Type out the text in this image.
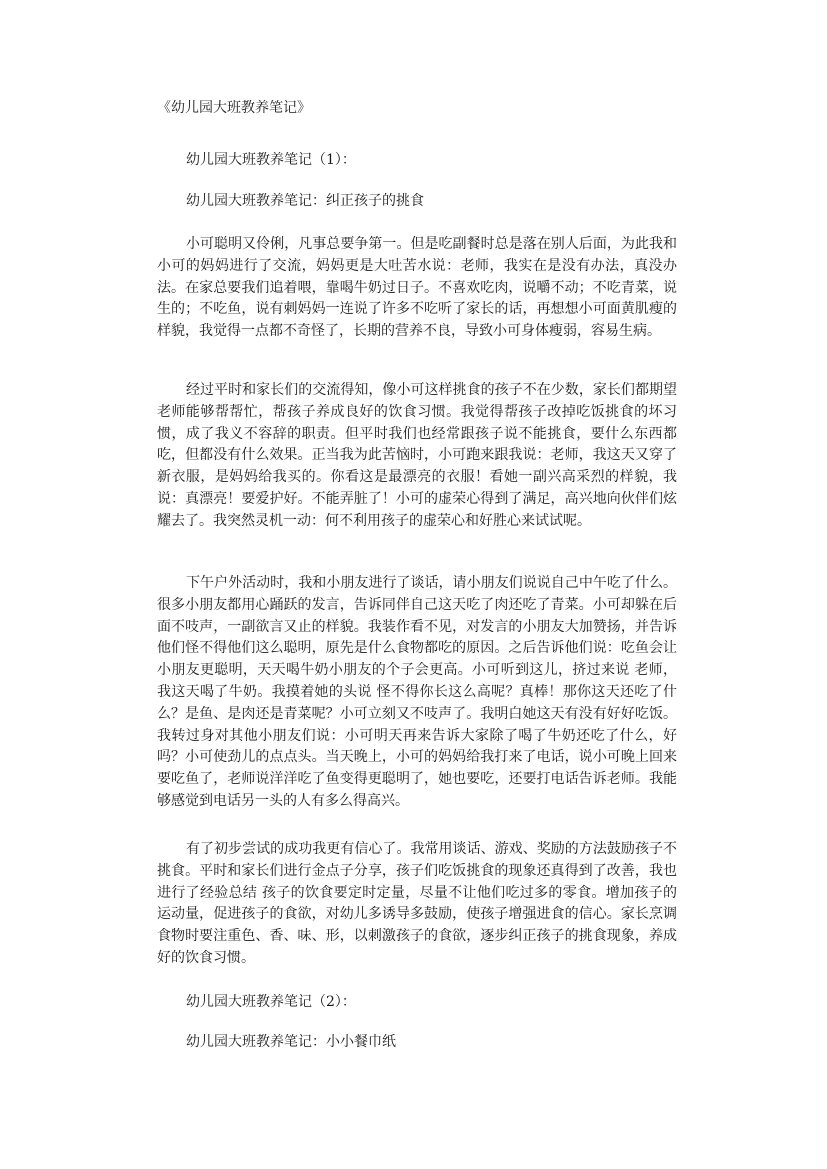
《幼儿园大班教养笔记》
幼儿园大班教养笔记（1）：
幼儿园大班教养笔记：纠正孩子的挑食

小可聪明又伶俐，凡事总要争第一。但是吃副餐时总是落在别人后面，为此我和小可的妈妈进行了交流，妈妈更是大吐苦水说：老师，我实在是没有办法，真没办法。在家总要我们追着喂，靠喝牛奶过日子。不喜欢吃肉，说嚼不动；不吃青菜，说生的；不吃鱼，说有刺妈妈一连说了许多不吃听了家长的话，再想想小可面黄肌瘦的样貌，我觉得一点都不奇怪了，长期的营养不良，导致小可身体瘦弱，容易生病。

经过平时和家长们的交流得知，像小可这样挑食的孩子不在少数，家长们都期望老师能够帮帮忙，帮孩子养成良好的饮食习惯。我觉得帮孩子改掉吃饭挑食的坏习惯，成了我义不容辞的职责。但平时我们也经常跟孩子说不能挑食，要什么东西都吃，但都没有什么效果。正当我为此苦恼时，小可跑来跟我说：老师，我这天又穿了新衣服，是妈妈给我买的。你看这是最漂亮的衣服！看她一副兴高采烈的样貌，我说：真漂亮！要爱护好。不能弄脏了！小可的虚荣心得到了满足，高兴地向伙伴们炫耀去了。我突然灵机一动：何不利用孩子的虚荣心和好胜心来试试呢。

下午户外活动时，我和小朋友进行了谈话，请小朋友们说说自己中午吃了什么。很多小朋友都用心踊跃的发言，告诉同伴自己这天吃了肉还吃了青菜。小可却躲在后面不吱声，一副欲言又止的样貌。我装作看不见，对发言的小朋友大加赞扬，并告诉他们怪不得他们这么聪明，原先是什么食物都吃的原因。之后告诉他们说：吃鱼会让小朋友更聪明，天天喝牛奶小朋友的个子会更高。小可听到这儿，挤过来说 老师，我这天喝了牛奶。我摸着她的头说 怪不得你长这么高呢？真棒！那你这天还吃了什么？是鱼、是肉还是青菜呢？小可立刻又不吱声了。我明白她这天有没有好好吃饭。我转过身对其他小朋友们说：小可明天再来告诉大家除了喝了牛奶还吃了什么，好吗？小可使劲儿的点点头。当天晚上，小可的妈妈给我打来了电话，说小可晚上回来要吃鱼了，老师说洋洋吃了鱼变得更聪明了，她也要吃，还要打电话告诉老师。我能够感觉到电话另一头的人有多么得高兴。

有了初步尝试的成功我更有信心了。我常用谈话、游戏、奖励的方法鼓励孩子不挑食。平时和家长们进行金点子分享，孩子们吃饭挑食的现象还真得到了改善，我也进行了经验总结 孩子的饮食要定时定量，尽量不让他们吃过多的零食。增加孩子的运动量，促进孩子的食欲，对幼儿多诱导多鼓励，使孩子增强进食的信心。家长烹调食物时要注重色、香、味、形，以刺激孩子的食欲，逐步纠正孩子的挑食现象，养成好的饮食习惯。

幼儿园大班教养笔记（2）：
幼儿园大班教养笔记：小小餐巾纸
